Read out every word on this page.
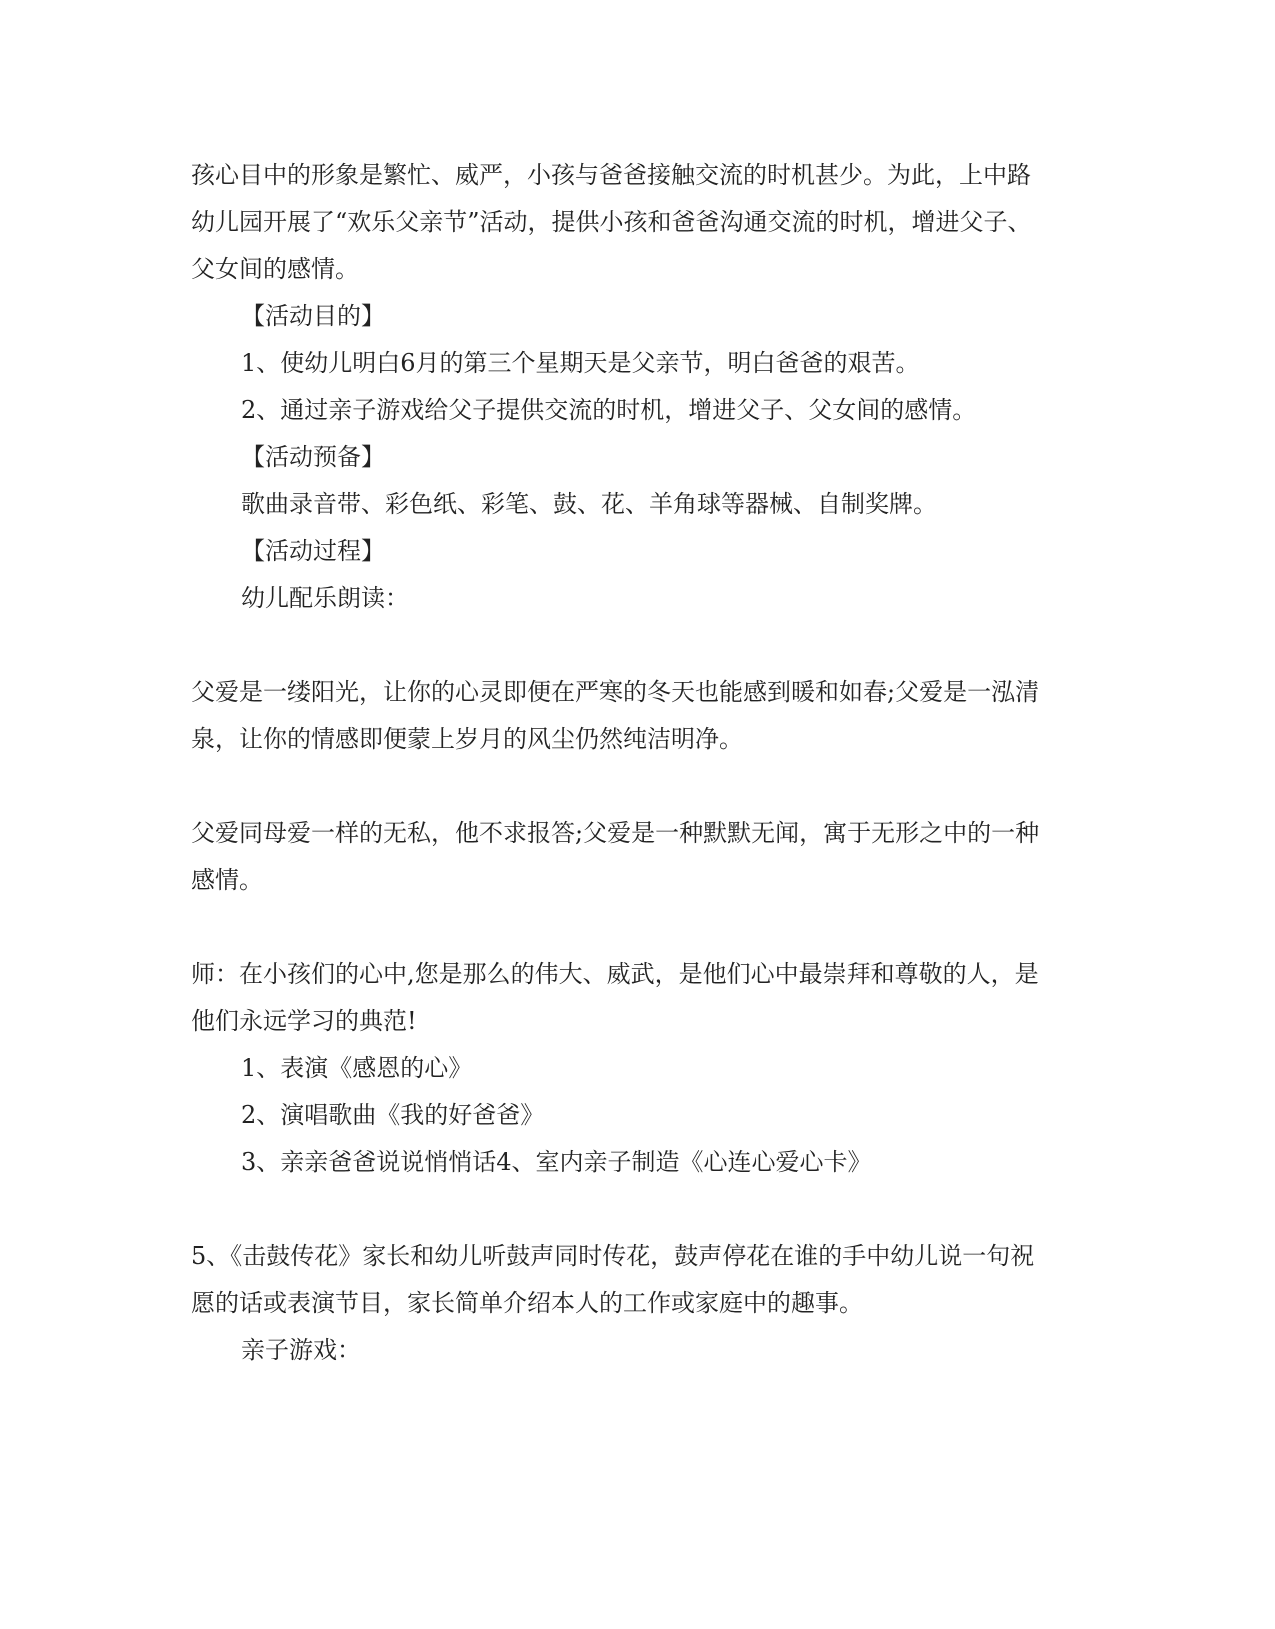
孩心目中的形象是繁忙、威严，小孩与爸爸接触交流的时机甚少。为此，上中路

幼儿园开展了“欢乐父亲节”活动，提供小孩和爸爸沟通交流的时机，增进父子、

父女间的感情。

【活动目的】

1、使幼儿明白6月的第三个星期天是父亲节，明白爸爸的艰苦。

2、通过亲子游戏给父子提供交流的时机，增进父子、父女间的感情。

【活动预备】

歌曲录音带、彩色纸、彩笔、鼓、花、羊角球等器械、自制奖牌。

【活动过程】

幼儿配乐朗读：

父爱是一缕阳光，让你的心灵即便在严寒的冬天也能感到暖和如春;父爱是一泓清

泉，让你的情感即便蒙上岁月的风尘仍然纯洁明净。

父爱同母爱一样的无私，他不求报答;父爱是一种默默无闻，寓于无形之中的一种

感情。

师：在小孩们的心中,您是那么的伟大、威武，是他们心中最崇拜和尊敬的人，是

他们永远学习的典范!

1、表演《感恩的心》

2、演唱歌曲《我的好爸爸》

3、亲亲爸爸说说悄悄话4、室内亲子制造《心连心爱心卡》

5、《击鼓传花》家长和幼儿听鼓声同时传花，鼓声停花在谁的手中幼儿说一句祝

愿的话或表演节目，家长简单介绍本人的工作或家庭中的趣事。

亲子游戏：
